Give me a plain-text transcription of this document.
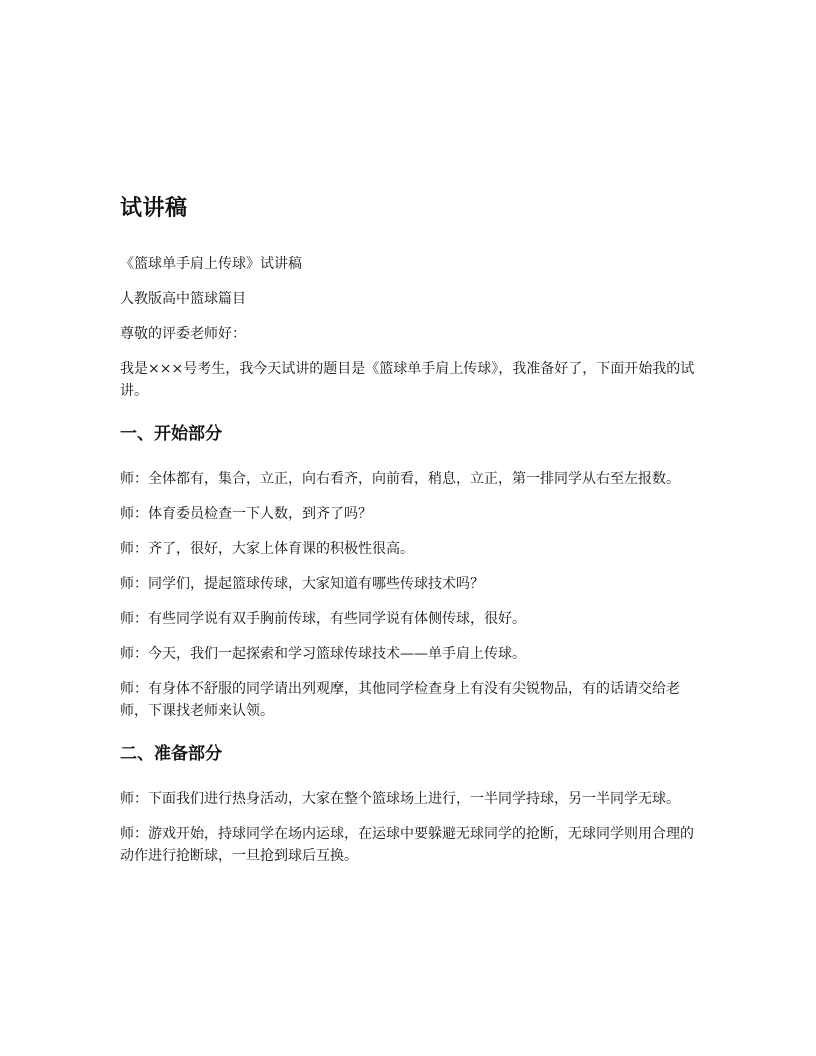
试讲稿

《篮球单手肩上传球》试讲稿

人教版高中篮球篇目

尊敬的评委老师好：

我是×××号考生，我今天试讲的题目是《篮球单手肩上传球》，我准备好了，下面开始我的试讲。

一、开始部分

师：全体都有，集合，立正，向右看齐，向前看，稍息，立正，第一排同学从右至左报数。

师：体育委员检查一下人数，到齐了吗？

师：齐了，很好，大家上体育课的积极性很高。

师：同学们，提起篮球传球，大家知道有哪些传球技术吗？

师：有些同学说有双手胸前传球，有些同学说有体侧传球，很好。

师：今天，我们一起探索和学习篮球传球技术——单手肩上传球。

师：有身体不舒服的同学请出列观摩，其他同学检查身上有没有尖锐物品，有的话请交给老师，下课找老师来认领。

二、准备部分

师：下面我们进行热身活动，大家在整个篮球场上进行，一半同学持球，另一半同学无球。

师：游戏开始，持球同学在场内运球，在运球中要躲避无球同学的抢断，无球同学则用合理的动作进行抢断球，一旦抢到球后互换。
